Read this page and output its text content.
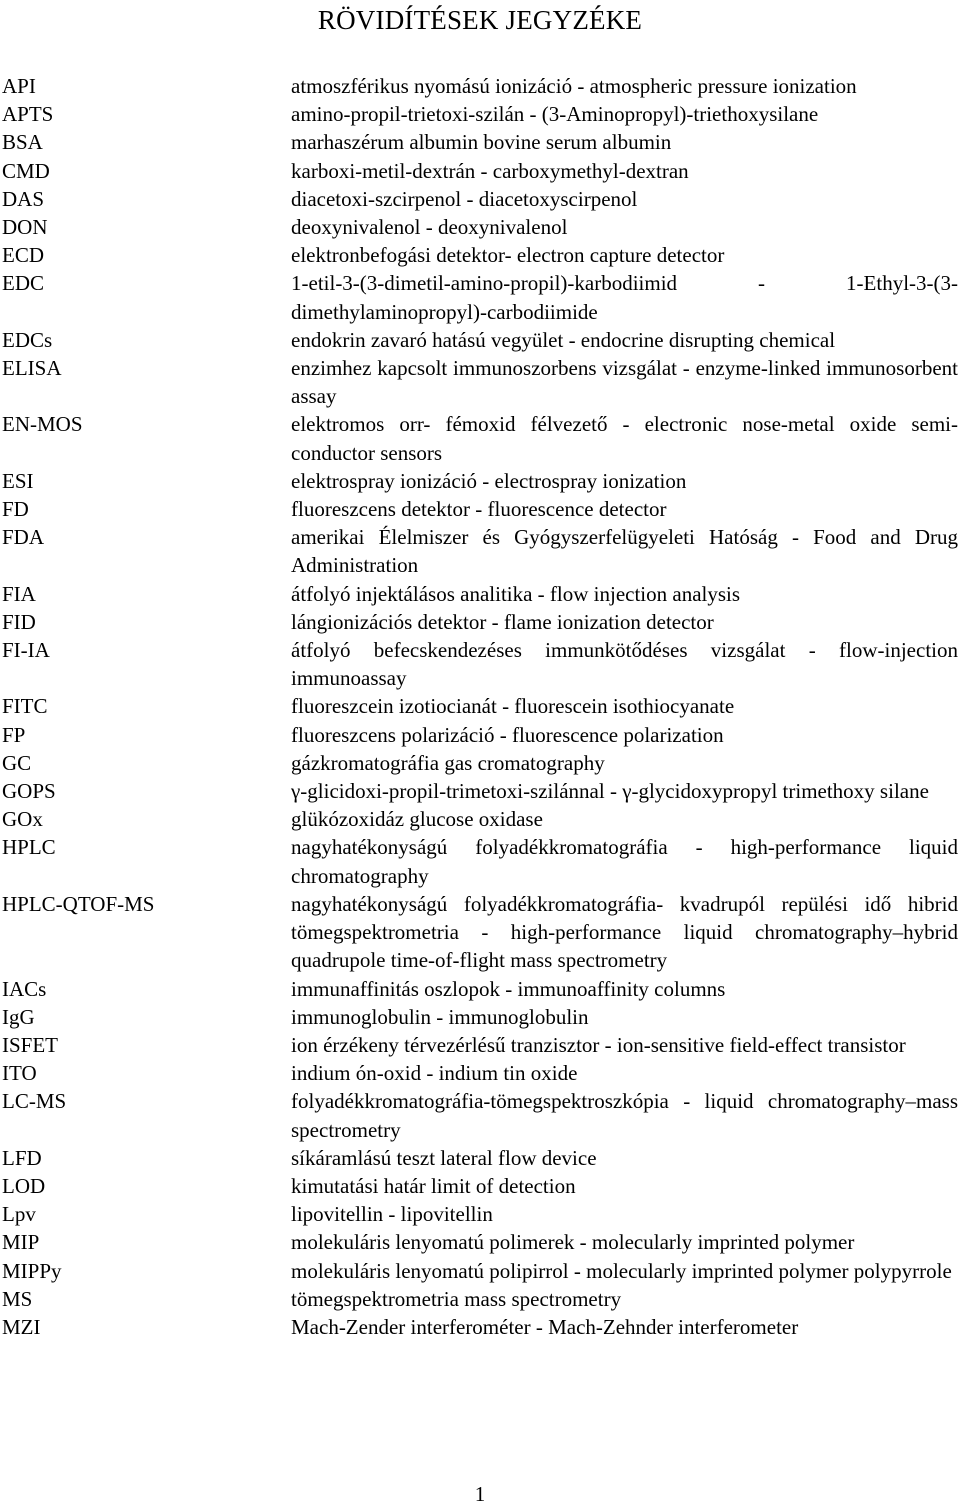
RÖVIDÍTÉSEK JEGYZÉKE
API	atmoszférikus nyomású ionizáció - atmospheric pressure ionization
APTS	amino-propil-trietoxi-szilán - (3-Aminopropyl)-triethoxysilane
BSA	marhaszérum albumin bovine serum albumin
CMD	karboxi-metil-dextrán - carboxymethyl-dextran
DAS	diacetoxi-szcirpenol - diacetoxyscirpenol
DON	deoxynivalenol - deoxynivalenol
ECD	elektronbefogási detektor- electron capture detector
EDC	1-etil-3-(3-dimetil-amino-propil)-karbodiimid - 1-Ethyl-3-(3-dimethylaminopropyl)-carbodiimide
EDCs	endokrin zavaró hatású vegyület - endocrine disrupting chemical
ELISA	enzimhez kapcsolt immunoszorbens vizsgálat - enzyme-linked immunosorbent assay
EN-MOS	elektromos orr- fémoxid félvezető - electronic nose-metal oxide semi-conductor sensors
ESI	elektrospray ionizáció - electrospray ionization
FD	fluoreszcens detektor - fluorescence detector
FDA	amerikai Élelmiszer és Gyógyszerfelügyeleti Hatóság - Food and Drug Administration
FIA	átfolyó injektálásos analitika - flow injection analysis
FID	lángionizációs detektor - flame ionization detector
FI-IA	átfolyó befecskendezéses immunkötődéses vizsgálat - flow-injection immunoassay
FITC	fluoreszcein izotiocianát - fluorescein isothiocyanate
FP	fluoreszcens polarizáció - fluorescence polarization
GC	gázkromatográfia gas cromatography
GOPS	γ-glicidoxi-propil-trimetoxi-szilánnal - γ-glycidoxypropyl trimethoxy silane
GOx	glükózoxidáz glucose oxidase
HPLC	nagyhatékonyságú folyadékkromatográfia - high-performance liquid chromatography
HPLC-QTOF-MS	nagyhatékonyságú folyadékkromatográfia- kvadrupól repülési idő hibrid tömegspektrometria - high-performance liquid chromatography–hybrid quadrupole time-of-flight mass spectrometry
IACs	immunaffinitás oszlopok - immunoaffinity columns
IgG	immunoglobulin - immunoglobulin
ISFET	ion érzékeny térvezérlésű tranzisztor - ion-sensitive field-effect transistor
ITO	indium ón-oxid - indium tin oxide
LC-MS	folyadékkromatográfia-tömegspektroszkópia - liquid chromatography–mass spectrometry
LFD	síkáramlású teszt lateral flow device
LOD	kimutatási határ limit of detection
Lpv	lipovitellin - lipovitellin
MIP	molekuláris lenyomatú polimerek - molecularly imprinted polymer
MIPPy	molekuláris lenyomatú polipirrol - molecularly imprinted polymer polypyrrole
MS	tömegspektrometria mass spectrometry
MZI	Mach-Zender interferométer - Mach-Zehnder interferometer
1
